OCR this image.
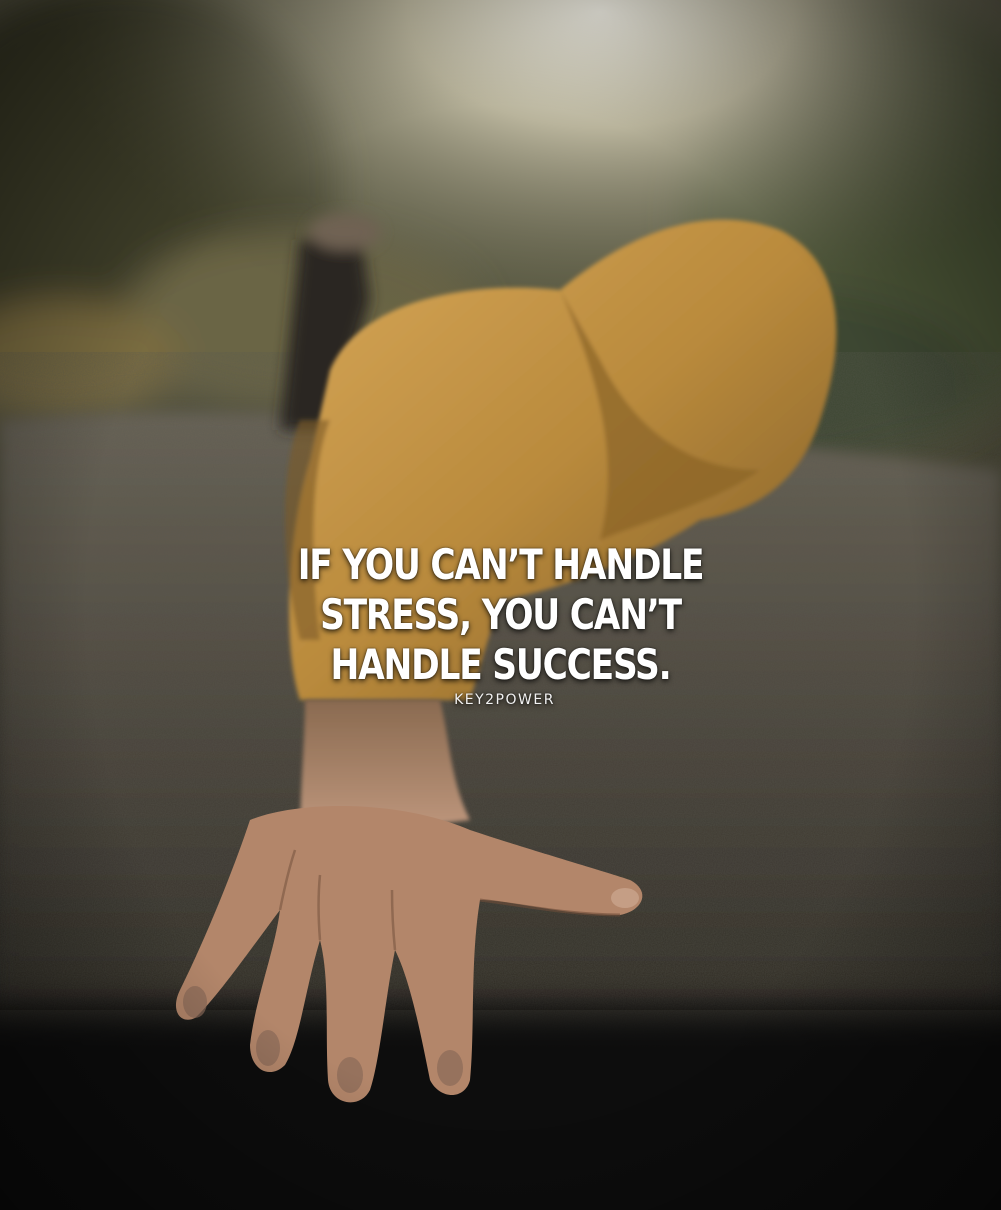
IF YOU CAN’T HANDLE
STRESS, YOU CAN’T
HANDLE SUCCESS.
KEY2POWER
